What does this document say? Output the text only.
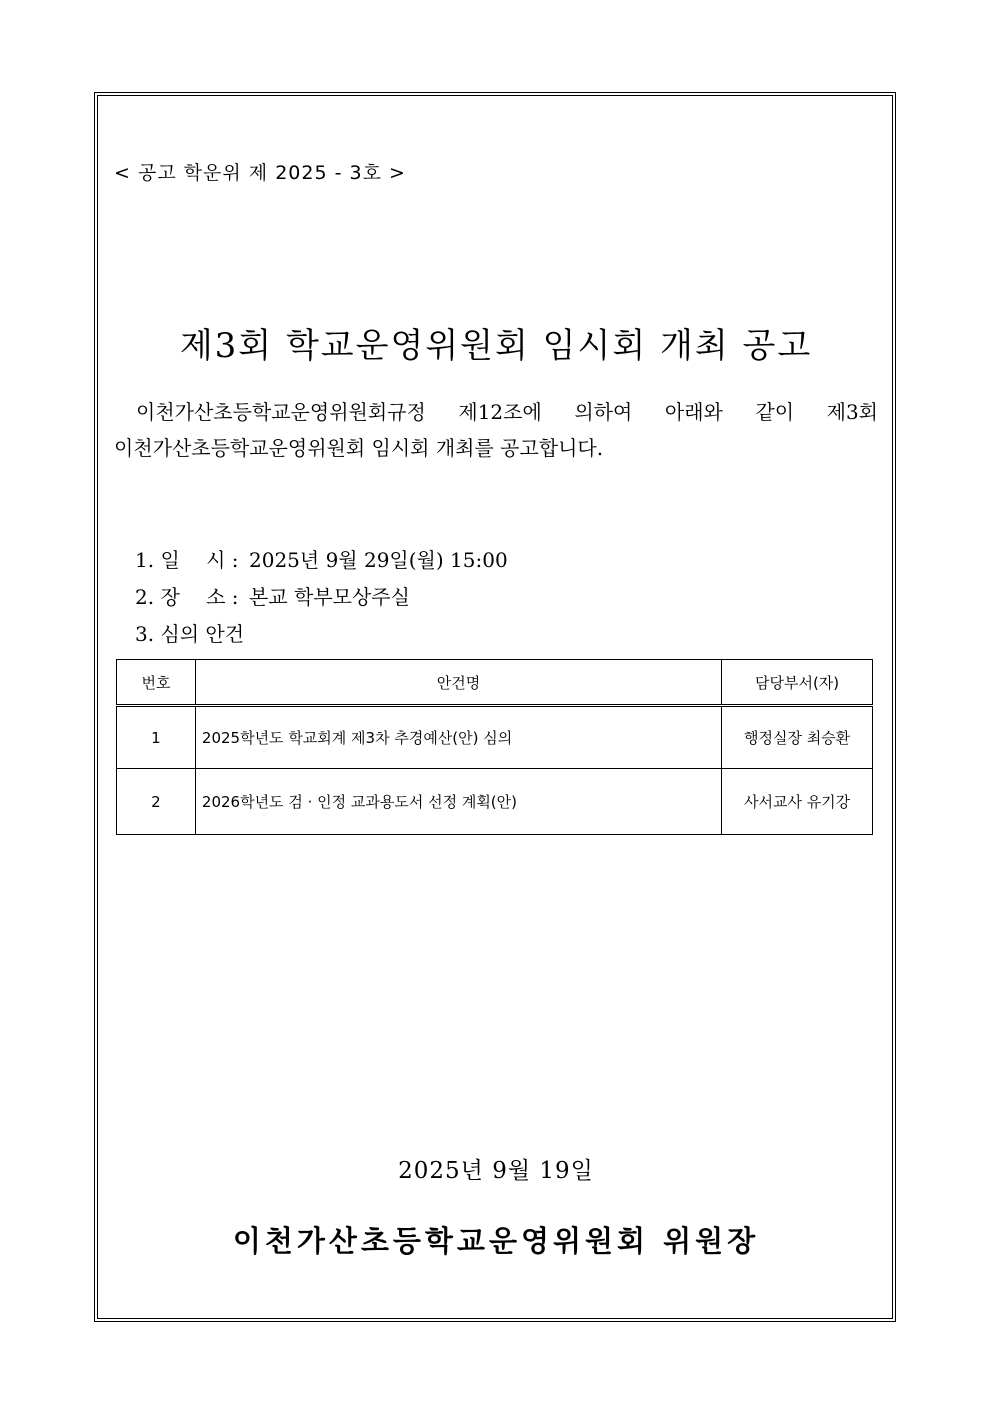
< 공고 학운위 제 2025 - 3호 >
제3회 학교운영위원회 임시회 개최 공고
이천가산초등학교운영위원회규정 제12조에 의하여 아래와 같이 제3회
이천가산초등학교운영위원회 임시회 개최를 공고합니다.
1. 일　 시 : 2025년 9월 29일(월) 15:00
2. 장　 소 : 본교 학부모상주실
3. 심의 안건
번호	안건명	담당부서(자)
1	2025학년도 학교회계 제3차 추경예산(안) 심의	행정실장 최승환
2	2026학년도 검 · 인정 교과용도서 선정 계획(안)	사서교사 유기강
2025년 9월 19일
이천가산초등학교운영위원회 위원장
